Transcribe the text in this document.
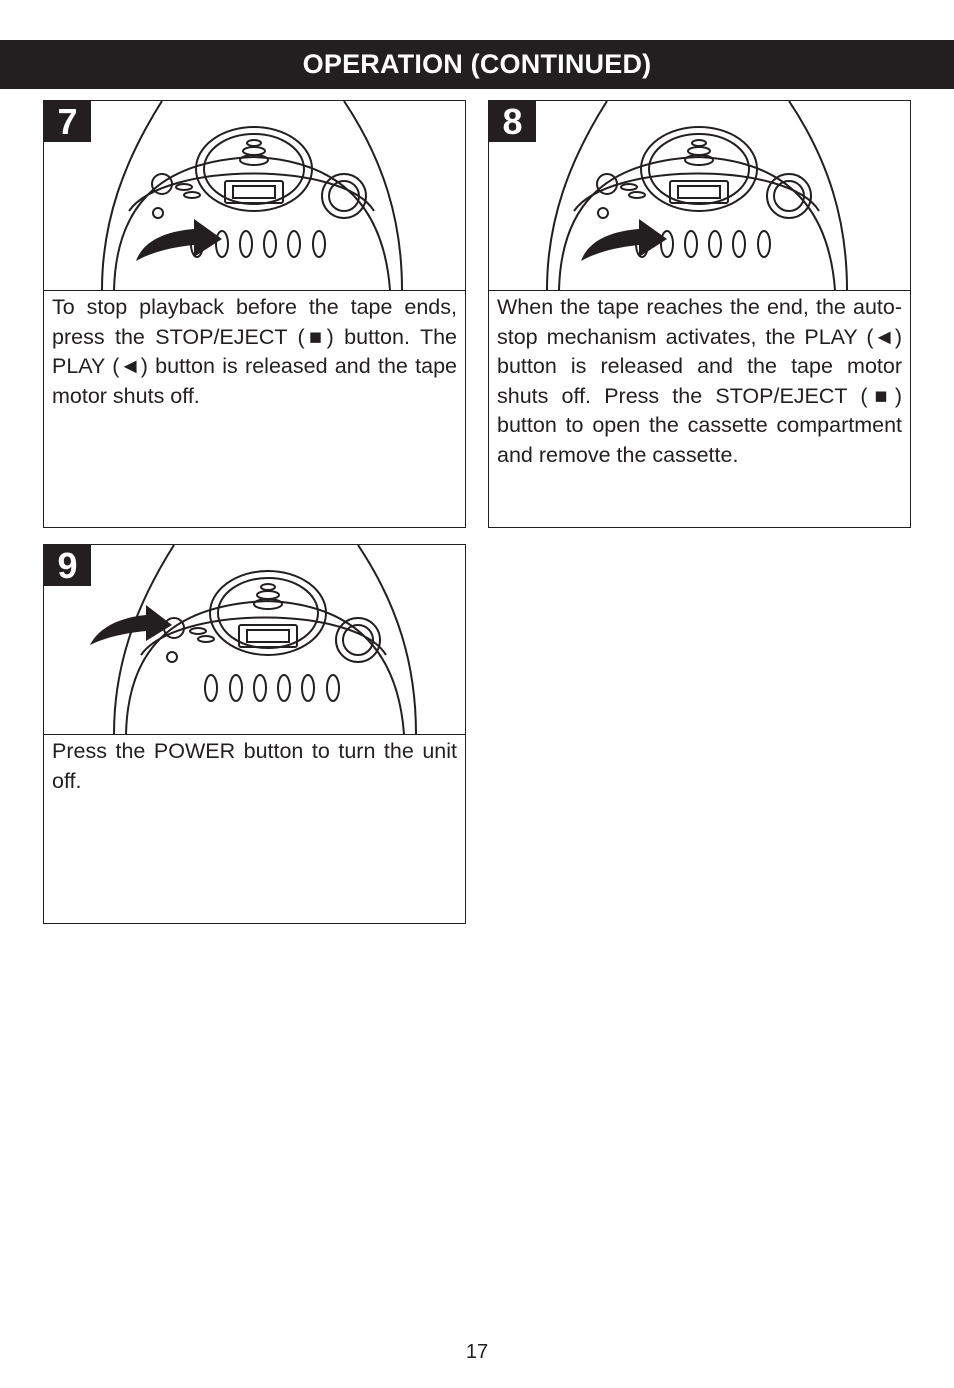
OPERATION (CONTINUED)
7
To stop playback before the tape ends, press the STOP/EJECT (■) button. The PLAY (◄) button is released and the tape motor shuts off.
8
When the tape reaches the end, the auto-stop mechanism activates, the PLAY (◄) button is released and the tape motor shuts off. Press the STOP/EJECT (■) button to open the cassette compartment and remove the cassette.
9
Press the POWER button to turn the unit off.
17
